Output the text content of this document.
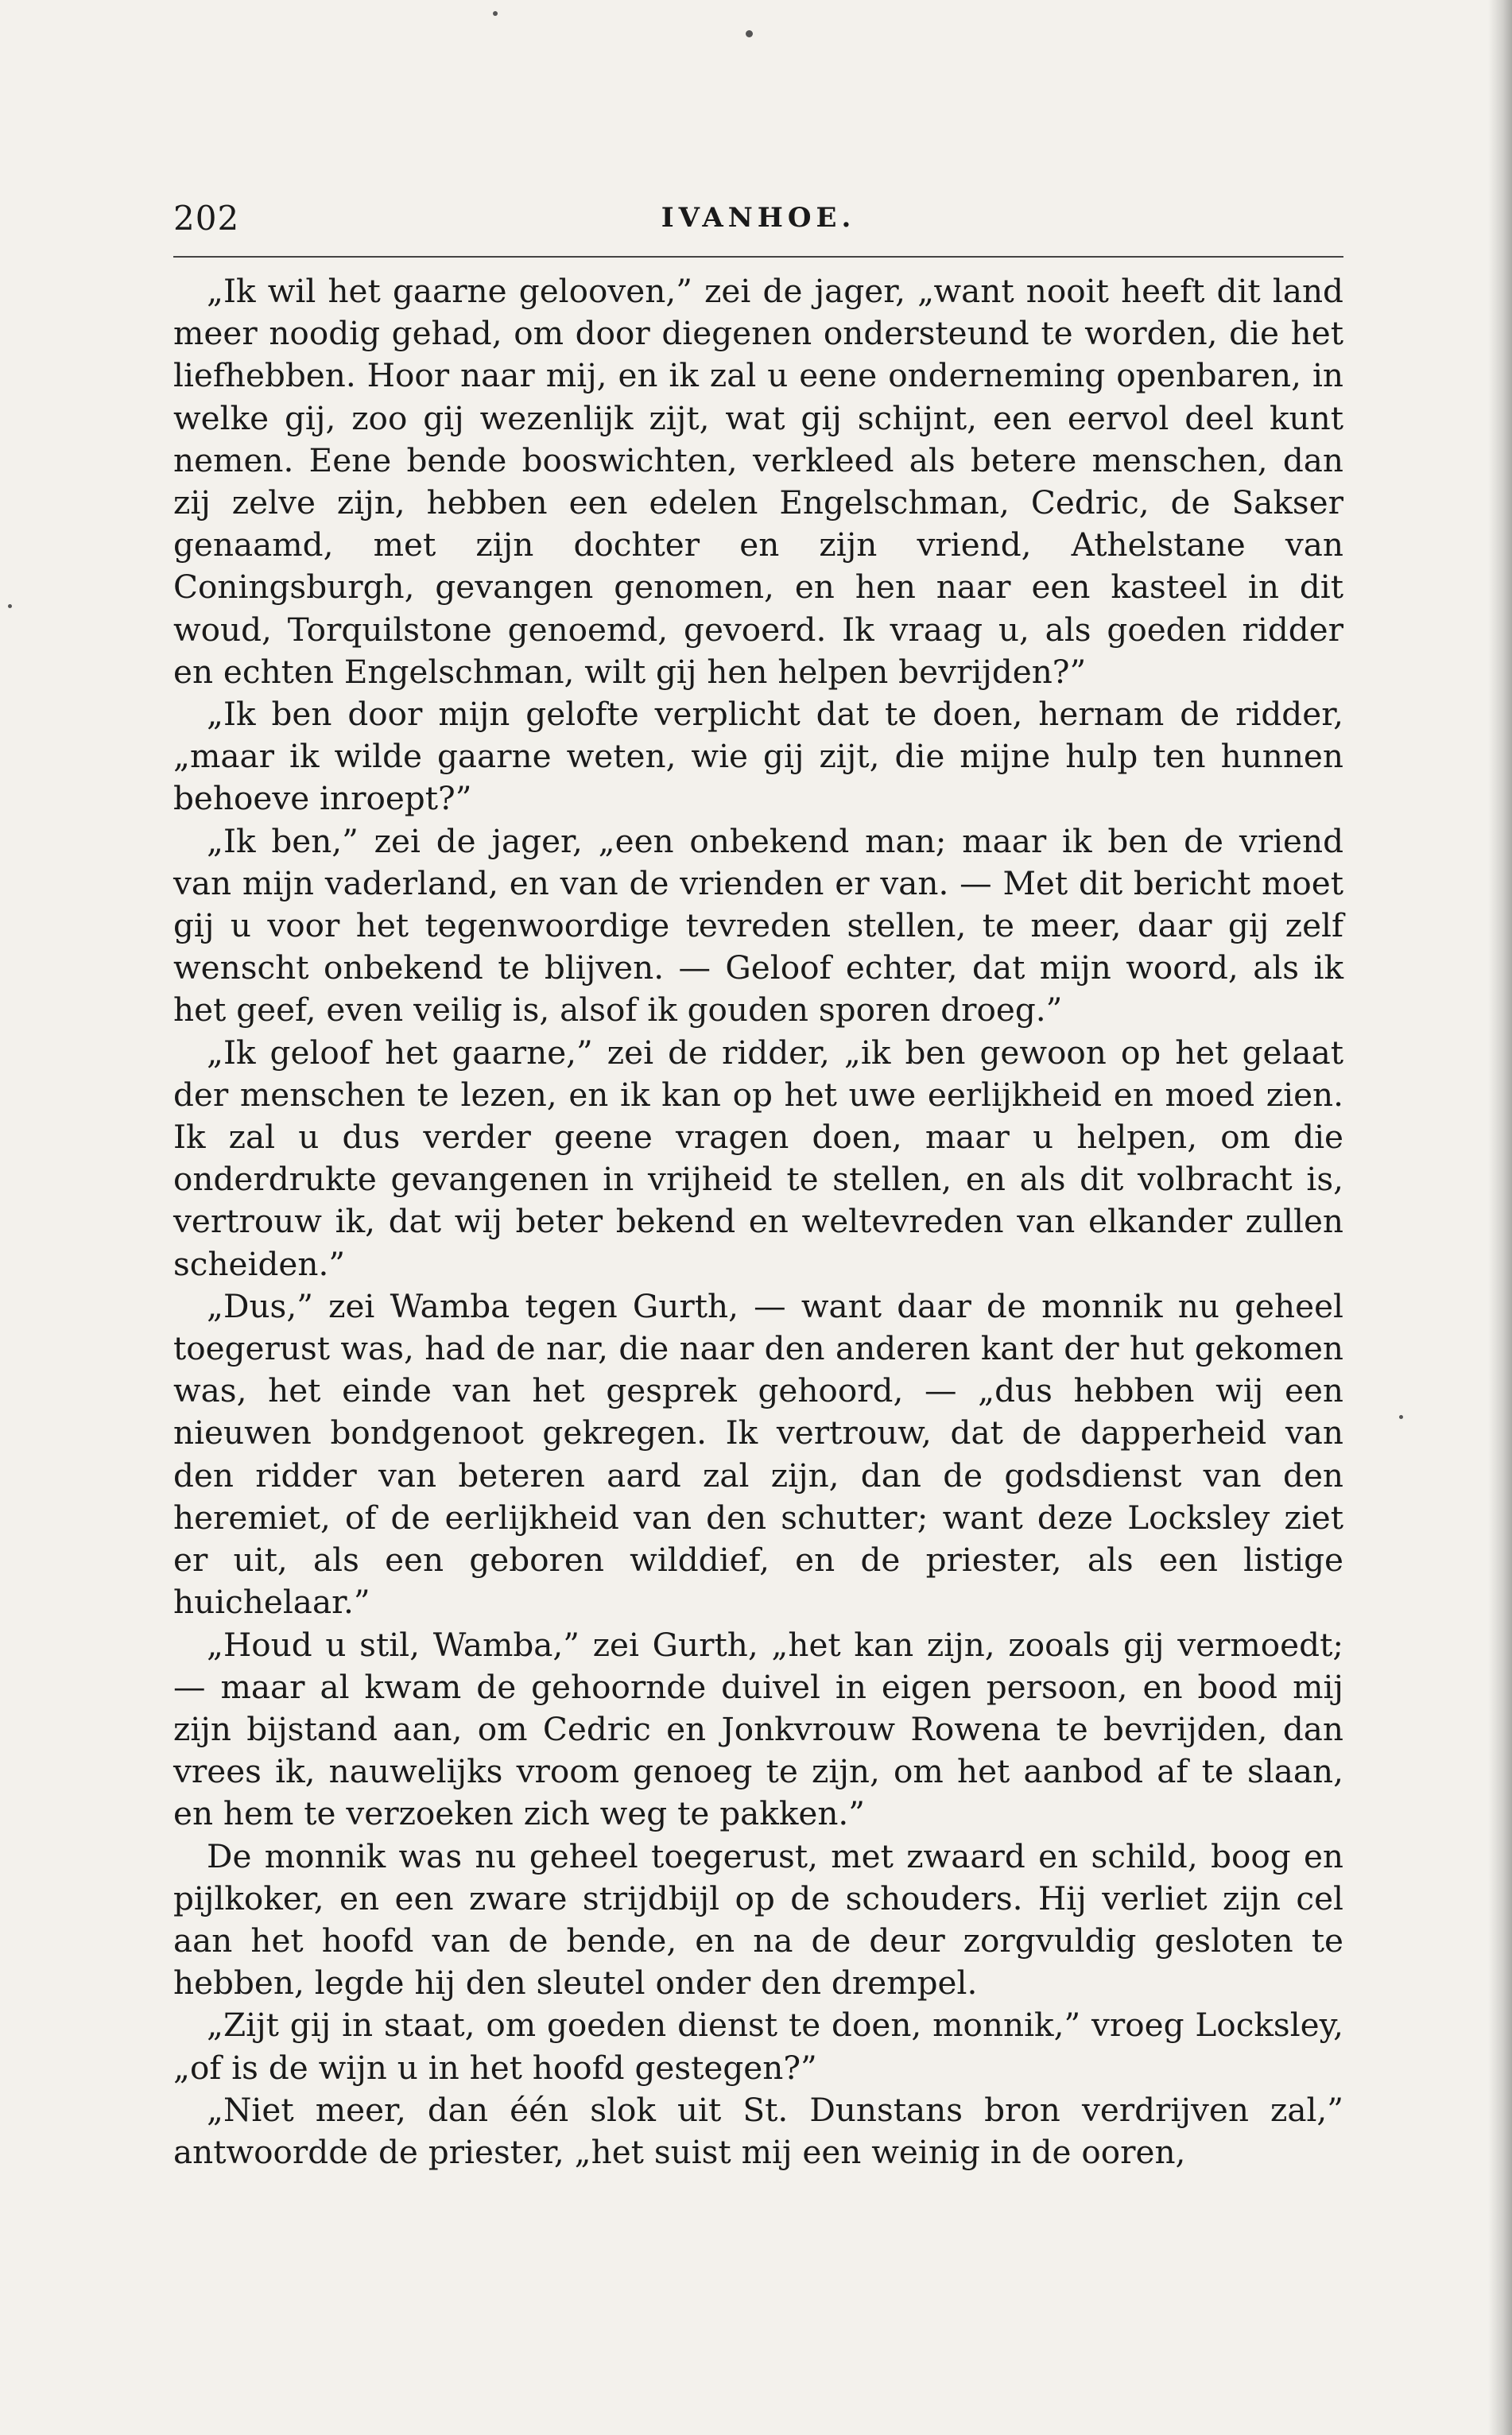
202	IVANHOE.

„Ik wil het gaarne gelooven,” zei de jager, „want nooit heeft dit land meer noodig gehad, om door diegenen ondersteund te worden, die het liefhebben. Hoor naar mij, en ik zal u eene onderneming openbaren, in welke gij, zoo gij wezenlijk zijt, wat gij schijnt, een eervol deel kunt nemen. Eene bende booswichten, verkleed als betere menschen, dan zij zelve zijn, hebben een edelen Engelschman, Cedric, de Sakser genaamd, met zijn dochter en zijn vriend, Athelstane van Coningsburgh, gevangen genomen, en hen naar een kasteel in dit woud, Torquilstone genoemd, gevoerd. Ik vraag u, als goeden ridder en echten Engelschman, wilt gij hen helpen bevrijden?”

„Ik ben door mijn gelofte verplicht dat te doen, hernam de ridder, „maar ik wilde gaarne weten, wie gij zijt, die mijne hulp ten hunnen behoeve inroept?”

„Ik ben,” zei de jager, „een onbekend man; maar ik ben de vriend van mijn vaderland, en van de vrienden er van. — Met dit bericht moet gij u voor het tegenwoordige tevreden stellen, te meer, daar gij zelf wenscht onbekend te blijven. — Geloof echter, dat mijn woord, als ik het geef, even veilig is, alsof ik gouden sporen droeg.”

„Ik geloof het gaarne,” zei de ridder, „ik ben gewoon op het gelaat der menschen te lezen, en ik kan op het uwe eerlijkheid en moed zien. Ik zal u dus verder geene vragen doen, maar u helpen, om die onderdrukte gevangenen in vrijheid te stellen, en als dit volbracht is, vertrouw ik, dat wij beter bekend en weltevreden van elkander zullen scheiden.”

„Dus,” zei Wamba tegen Gurth, — want daar de monnik nu geheel toegerust was, had de nar, die naar den anderen kant der hut gekomen was, het einde van het gesprek gehoord, — „dus hebben wij een nieuwen bondgenoot gekregen. Ik vertrouw, dat de dapperheid van den ridder van beteren aard zal zijn, dan de godsdienst van den heremiet, of de eerlijkheid van den schutter; want deze Locksley ziet er uit, als een geboren wilddief, en de priester, als een listige huichelaar.”

„Houd u stil, Wamba,” zei Gurth, „het kan zijn, zooals gij vermoedt; — maar al kwam de gehoornde duivel in eigen persoon, en bood mij zijn bijstand aan, om Cedric en Jonkvrouw Rowena te bevrijden, dan vrees ik, nauwelijks vroom genoeg te zijn, om het aanbod af te slaan, en hem te verzoeken zich weg te pakken.”

De monnik was nu geheel toegerust, met zwaard en schild, boog en pijlkoker, en een zware strijdbijl op de schouders. Hij verliet zijn cel aan het hoofd van de bende, en na de deur zorgvuldig gesloten te hebben, legde hij den sleutel onder den drempel.

„Zijt gij in staat, om goeden dienst te doen, monnik,” vroeg Locksley, „of is de wijn u in het hoofd gestegen?”

„Niet meer, dan één slok uit St. Dunstans bron verdrijven zal,” antwoordde de priester, „het suist mij een weinig in de ooren,
